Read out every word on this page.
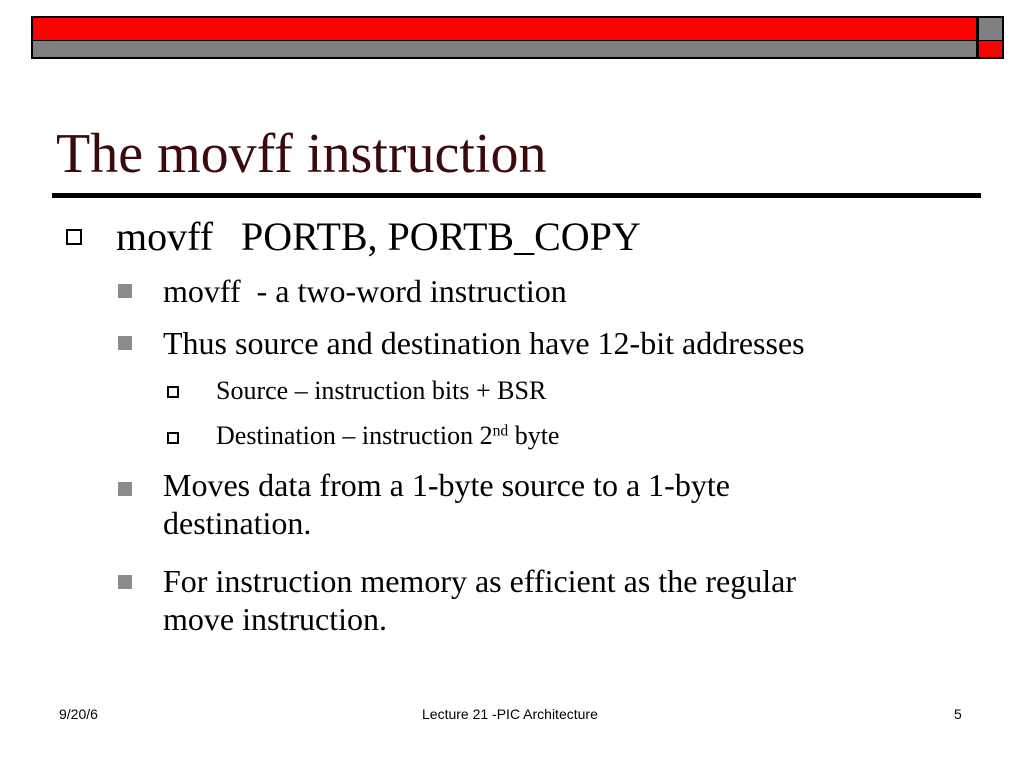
The movff instruction
movff PORTB, PORTB_COPY
movff - a two-word instruction
Thus source and destination have 12-bit addresses
Source – instruction bits + BSR
Destination – instruction 2nd byte
Moves data from a 1-byte source to a 1-byte
destination.
For instruction memory as efficient as the regular
move instruction.
9/20/6	Lecture 21 -PIC Architecture	5
